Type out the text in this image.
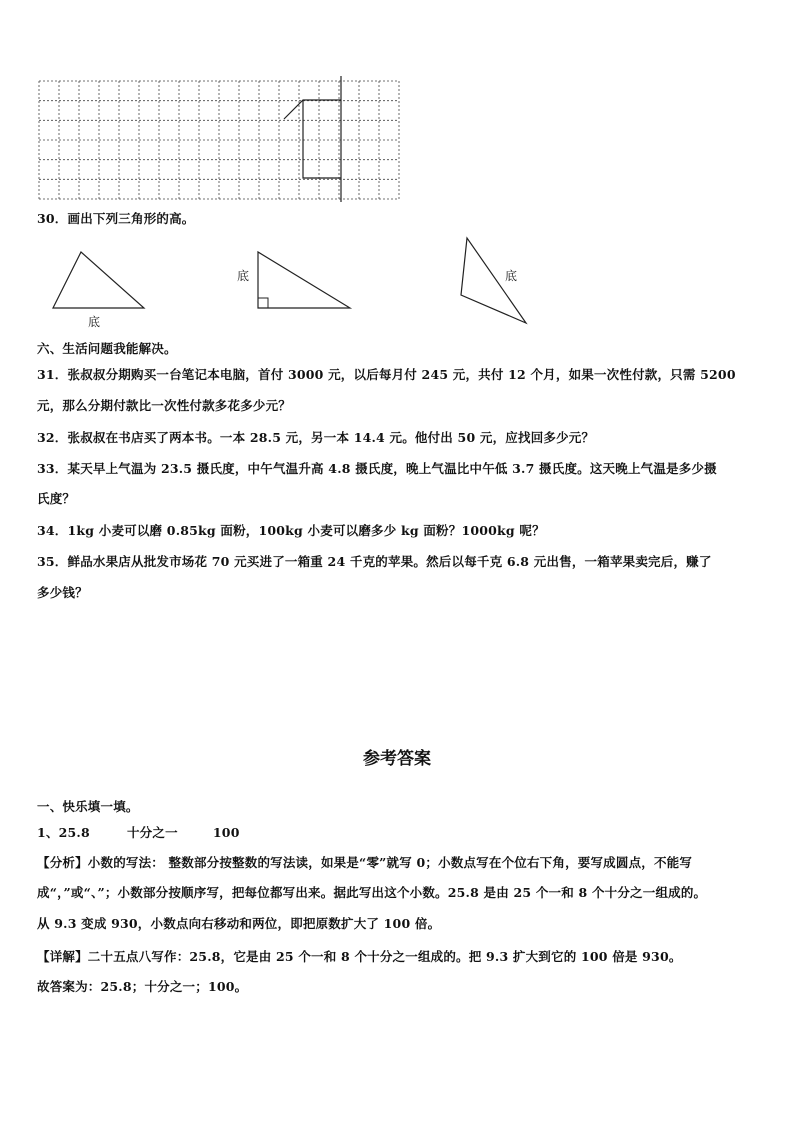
30．画出下列三角形的高。
底
底	底
六、生活问题我能解决。
31．张叔叔分期购买一台笔记本电脑，首付 3000 元，以后每月付 245 元，共付 12 个月，如果一次性付款，只需 5200
元，那么分期付款比一次性付款多花多少元？
32．张叔叔在书店买了两本书。一本 28.5 元，另一本 14.4 元。他付出 50 元，应找回多少元？
33．某天早上气温为 23.5 摄氏度，中午气温升高 4.8 摄氏度，晚上气温比中午低 3.7 摄氏度。这天晚上气温是多少摄
氏度？
34．1kg 小麦可以磨 0.85kg 面粉，100kg 小麦可以磨多少 kg 面粉？1000kg 呢？
35．鲜品水果店从批发市场花 70 元买进了一箱重 24 千克的苹果。然后以每千克 6.8 元出售，一箱苹果卖完后，赚了
多少钱？
参考答案
一、快乐填一填。
1、25.8	十分之一	100
【分析】小数的写法： 整数部分按整数的写法读，如果是“零”就写 0；小数点写在个位右下角，要写成圆点，不能写
成“，”或“、”；小数部分按顺序写，把每位都写出来。据此写出这个小数。25.8 是由 25 个一和 8 个十分之一组成的。
从 9.3 变成 930，小数点向右移动和两位，即把原数扩大了 100 倍。
【详解】二十五点八写作：25.8，它是由 25 个一和 8 个十分之一组成的。把 9.3 扩大到它的 100 倍是 930。
故答案为：25.8；十分之一；100。
